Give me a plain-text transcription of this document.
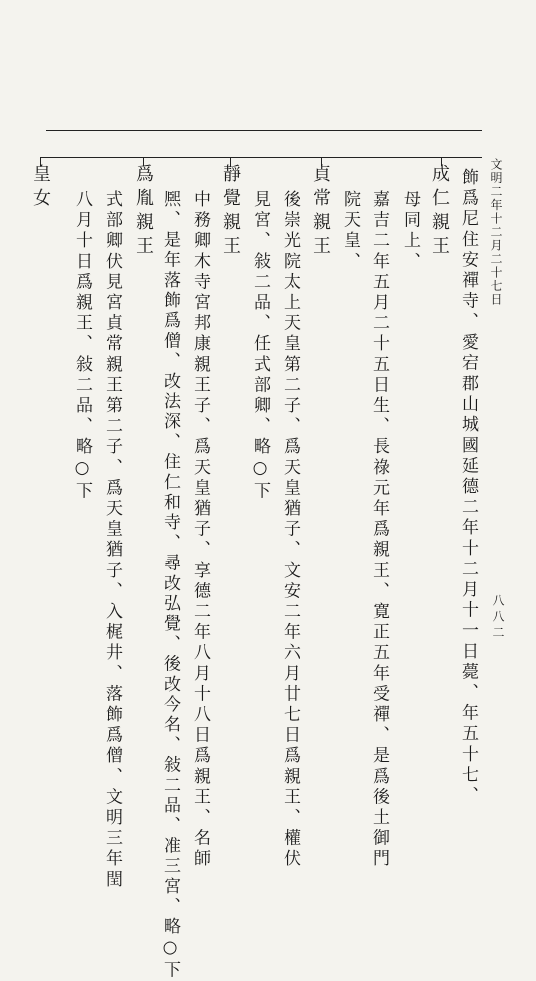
文明二年十二月二十七日
八八二
飾爲尼住安禪寺、愛宕郡山城國延德二年十二月十一日薨、年五十七、
成仁親王
母同上、
嘉吉二年五月二十五日生、長祿元年爲親王、寛正五年受禪、是爲後土御門
院天皇、
貞常親王
後崇光院太上天皇第二子、爲天皇猶子、文安二年六月廿七日爲親王、權伏
見宮、敍二品、任式部卿、略○下
靜覺親王
中務卿木寺宮邦康親王子、爲天皇猶子、享德二年八月十八日爲親王、名師
熈、是年落飾爲僧、改法深、住仁和寺、尋改弘覺、後改今名、敍二品、准三宮、略○下
爲胤親王
式部卿伏見宮貞常親王第二子、爲天皇猶子、入梶井、落飾爲僧、文明三年閏
八月十日爲親王、敍二品、略○下
皇女
